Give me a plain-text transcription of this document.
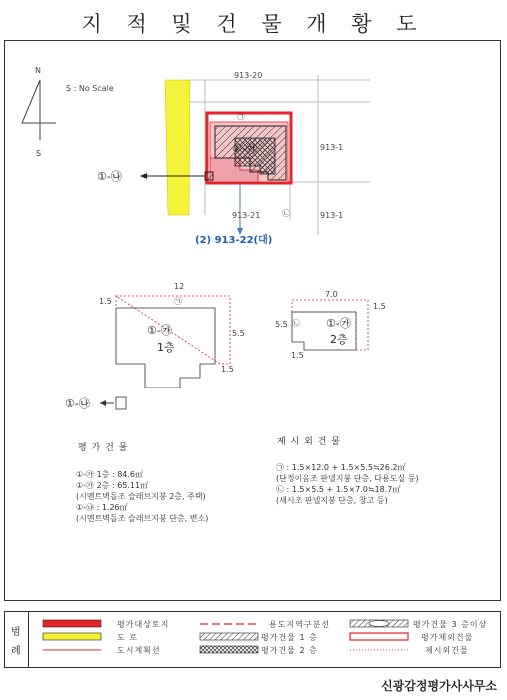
지 적 및 건 물 개 황 도
N
S
S : No Scale
913-20
913-1
913-1
913-21
㉠
㉡
①-㉮
①-㉯
(2) 913-22(대)
12
1.5
5.5
1.5
㉠
①-㉮
1층
①-㉯
7.0
1.5
5.5
1.5
㉡ ①-㉮
2층
평 가 건 물
①-㉮ 1층 : 84.6㎡
①-㉮ 2층 : 65.11㎡
(시멘트벽돌조 슬래브지붕 2층, 주택)
①-㉯ : 1.26㎡
(시멘트벽돌조 슬래브지붕 단층, 변소)
제 시 외 건 물
㉠ : 1.5×12.0 + 1.5×5.5≒26.2㎡
(단정이음조 판넬지붕 단층, 다용도실 등)
㉡ : 1.5×5.5 + 1.5×7.0≒18.7㎡
(새시조 판넬지붕 단층, 창고 등)
범
례
평가대상토지
도 로
도시계획선
용도지역구분선
평가건물 1 층
평가건물 2 층
평가건물 3 층이상
평가제외건물
제시외건물
신광감정평가사사무소
